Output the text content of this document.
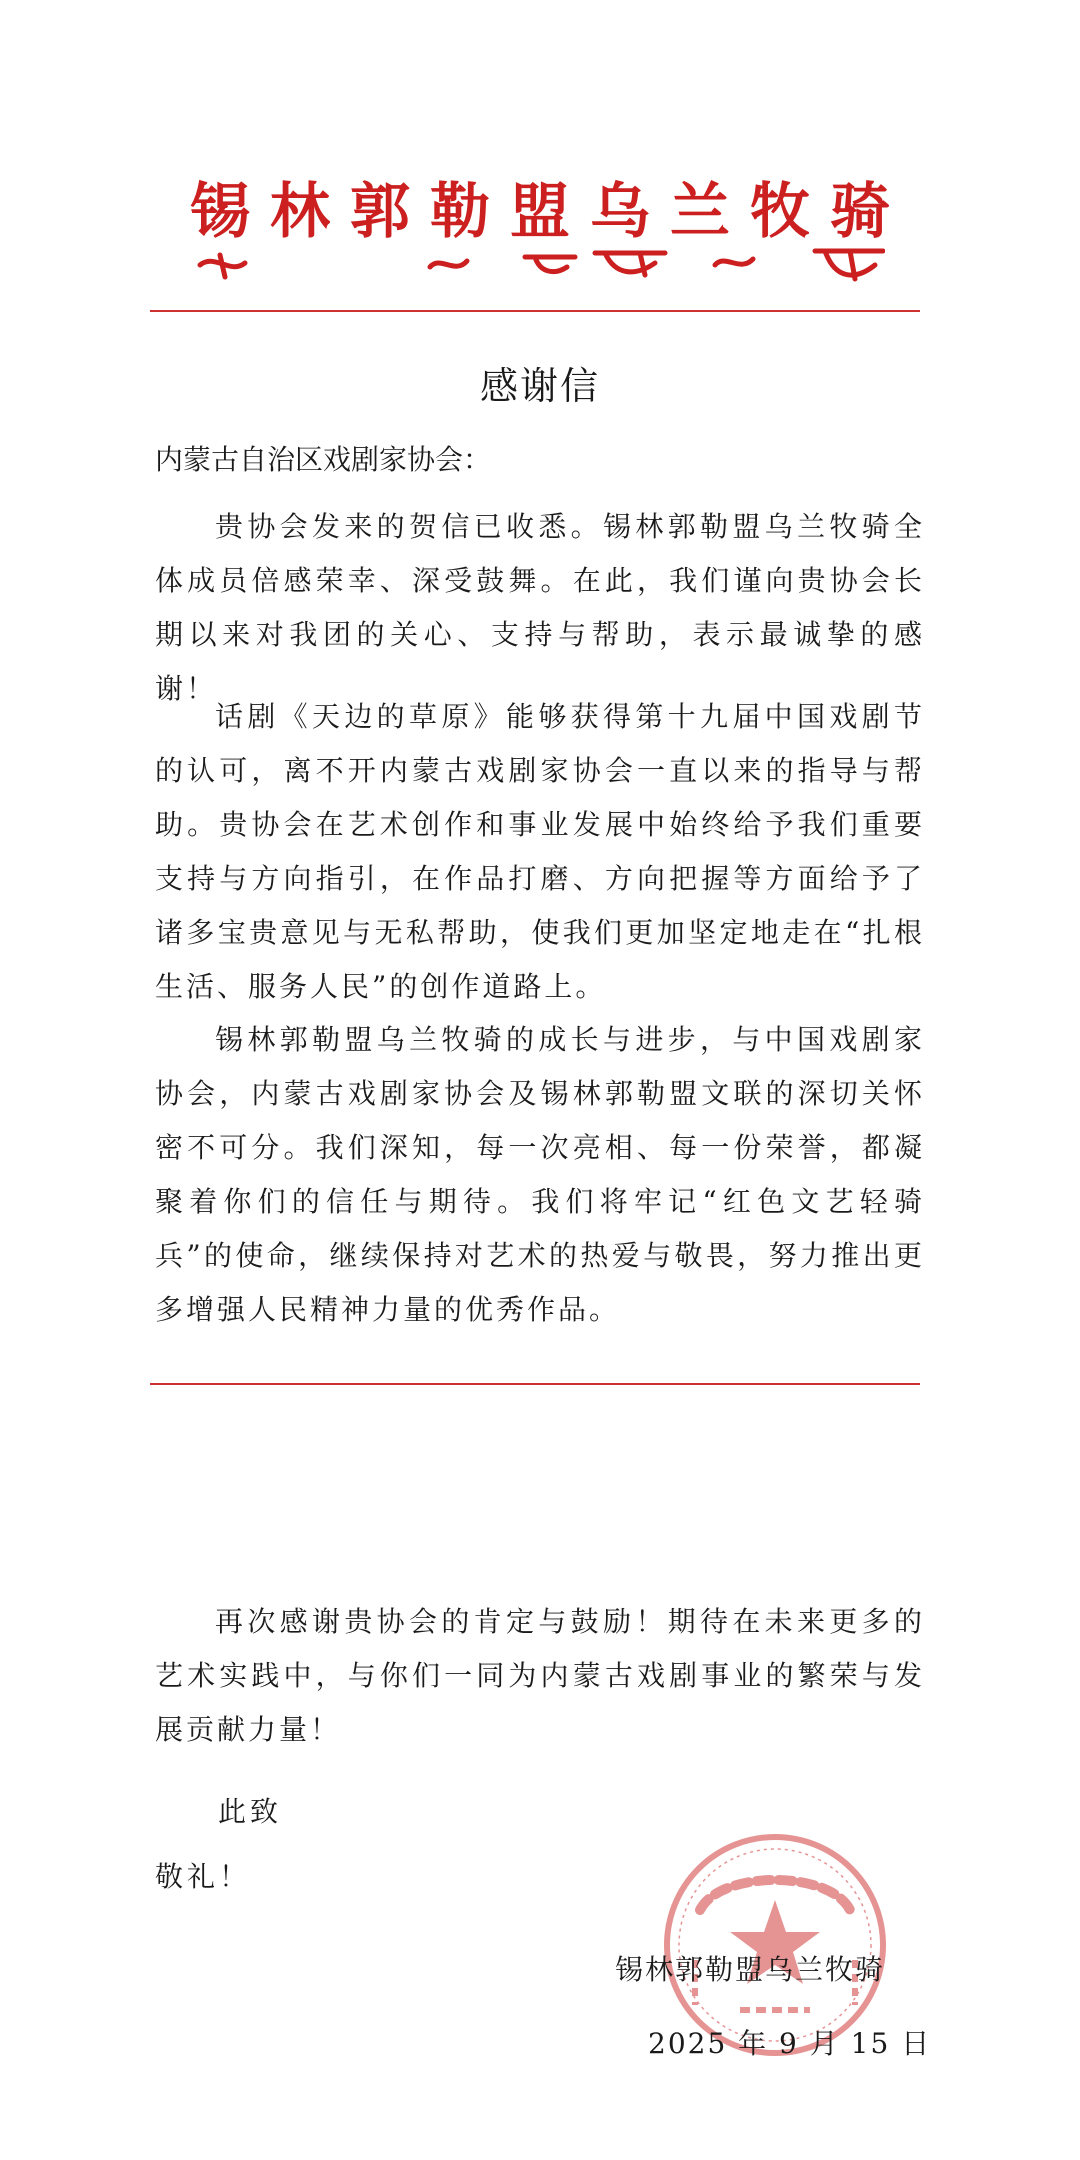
锡 林 郭 勒 盟 乌 兰 牧 骑
感谢信
内蒙古自治区戏剧家协会：
贵协会发来的贺信已收悉。锡林郭勒盟乌兰牧骑全体成员倍感荣幸、深受鼓舞。在此，我们谨向贵协会长期以来对我团的关心、支持与帮助，表示最诚挚的感谢！
话剧《天边的草原》能够获得第十九届中国戏剧节的认可，离不开内蒙古戏剧家协会一直以来的指导与帮助。贵协会在艺术创作和事业发展中始终给予我们重要支持与方向指引，在作品打磨、方向把握等方面给予了诸多宝贵意见与无私帮助，使我们更加坚定地走在“扎根生活、服务人民”的创作道路上。
锡林郭勒盟乌兰牧骑的成长与进步，与中国戏剧家协会，内蒙古戏剧家协会及锡林郭勒盟文联的深切关怀密不可分。我们深知，每一次亮相、每一份荣誉，都凝聚着你们的信任与期待。我们将牢记“红色文艺轻骑兵”的使命，继续保持对艺术的热爱与敬畏，努力推出更多增强人民精神力量的优秀作品。
再次感谢贵协会的肯定与鼓励！期待在未来更多的艺术实践中，与你们一同为内蒙古戏剧事业的繁荣与发展贡献力量！
此致
敬礼！
锡林郭勒盟乌兰牧骑
2025 年 9 月 15 日
